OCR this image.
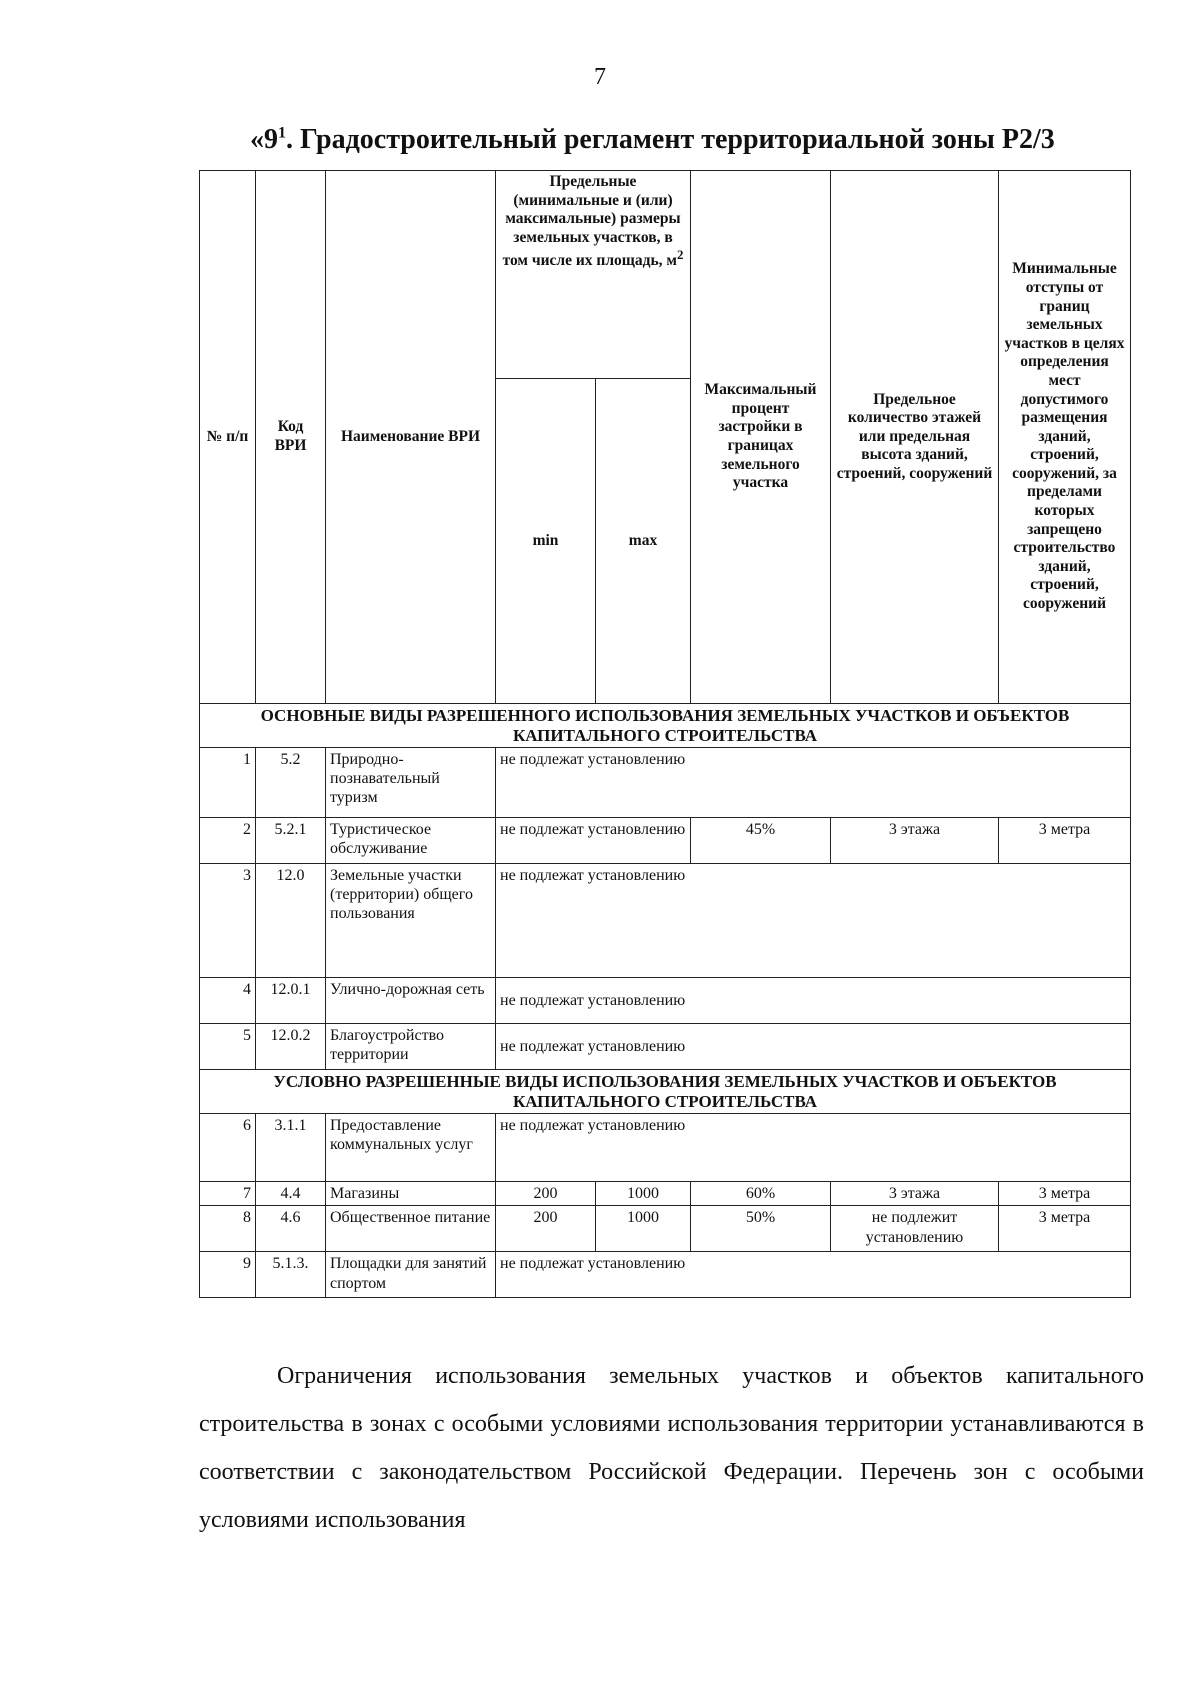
7
«$9^1$. Градостроительный регламент территориальной зоны Р2/3
№ п/п	Код ВРИ	Наименование ВРИ	Предельные (минимальные и (или) максимальные) размеры земельных участков, в том числе их площадь, $м^2$		Максимальный процент застройки в границах земельного участка	Предельное количество этажей или предельная высота зданий, строений, сооружений	Минимальные отступы от границ земельных участков в целях определения мест допустимого размещения зданий, строений, сооружений, за пределами которых запрещено строительство зданий, строений, сооружений
			min	max			
ОСНОВНЫЕ ВИДЫ РАЗРЕШЕННОГО ИСПОЛЬЗОВАНИЯ ЗЕМЕЛЬНЫХ УЧАСТКОВ И ОБЪЕКТОВ КАПИТАЛЬНОГО СТРОИТЕЛЬСТВА							
1	5.2	Природно-познавательный туризм	не подлежат установлению				
2	5.2.1	Туристическое обслуживание	не подлежат установлению		45%	3 этажа	3 метра
3	12.0	Земельные участки (территории) общего пользования	не подлежат установлению				
4	12.0.1	Улично-дорожная сеть	не подлежат установлению				
5	12.0.2	Благоустройство территории	не подлежат установлению				
УСЛОВНО РАЗРЕШЕННЫЕ ВИДЫ ИСПОЛЬЗОВАНИЯ ЗЕМЕЛЬНЫХ УЧАСТКОВ И ОБЪЕКТОВ КАПИТАЛЬНОГО СТРОИТЕЛЬСТВА							
6	3.1.1	Предоставление коммунальных услуг	не подлежат установлению				
7	4.4	Магазины	200	1000	60%	3 этажа	3 метра
8	4.6	Общественное питание	200	1000	50%	не подлежит установлению	3 метра
9	5.1.3.	Площадки для занятий спортом	не подлежат установлению				
Ограничения использования земельных участков и объектов капитального строительства в зонах с особыми условиями использования территории устанавливаются в соответствии с законодательством Российской Федерации. Перечень зон с особыми условиями использования
